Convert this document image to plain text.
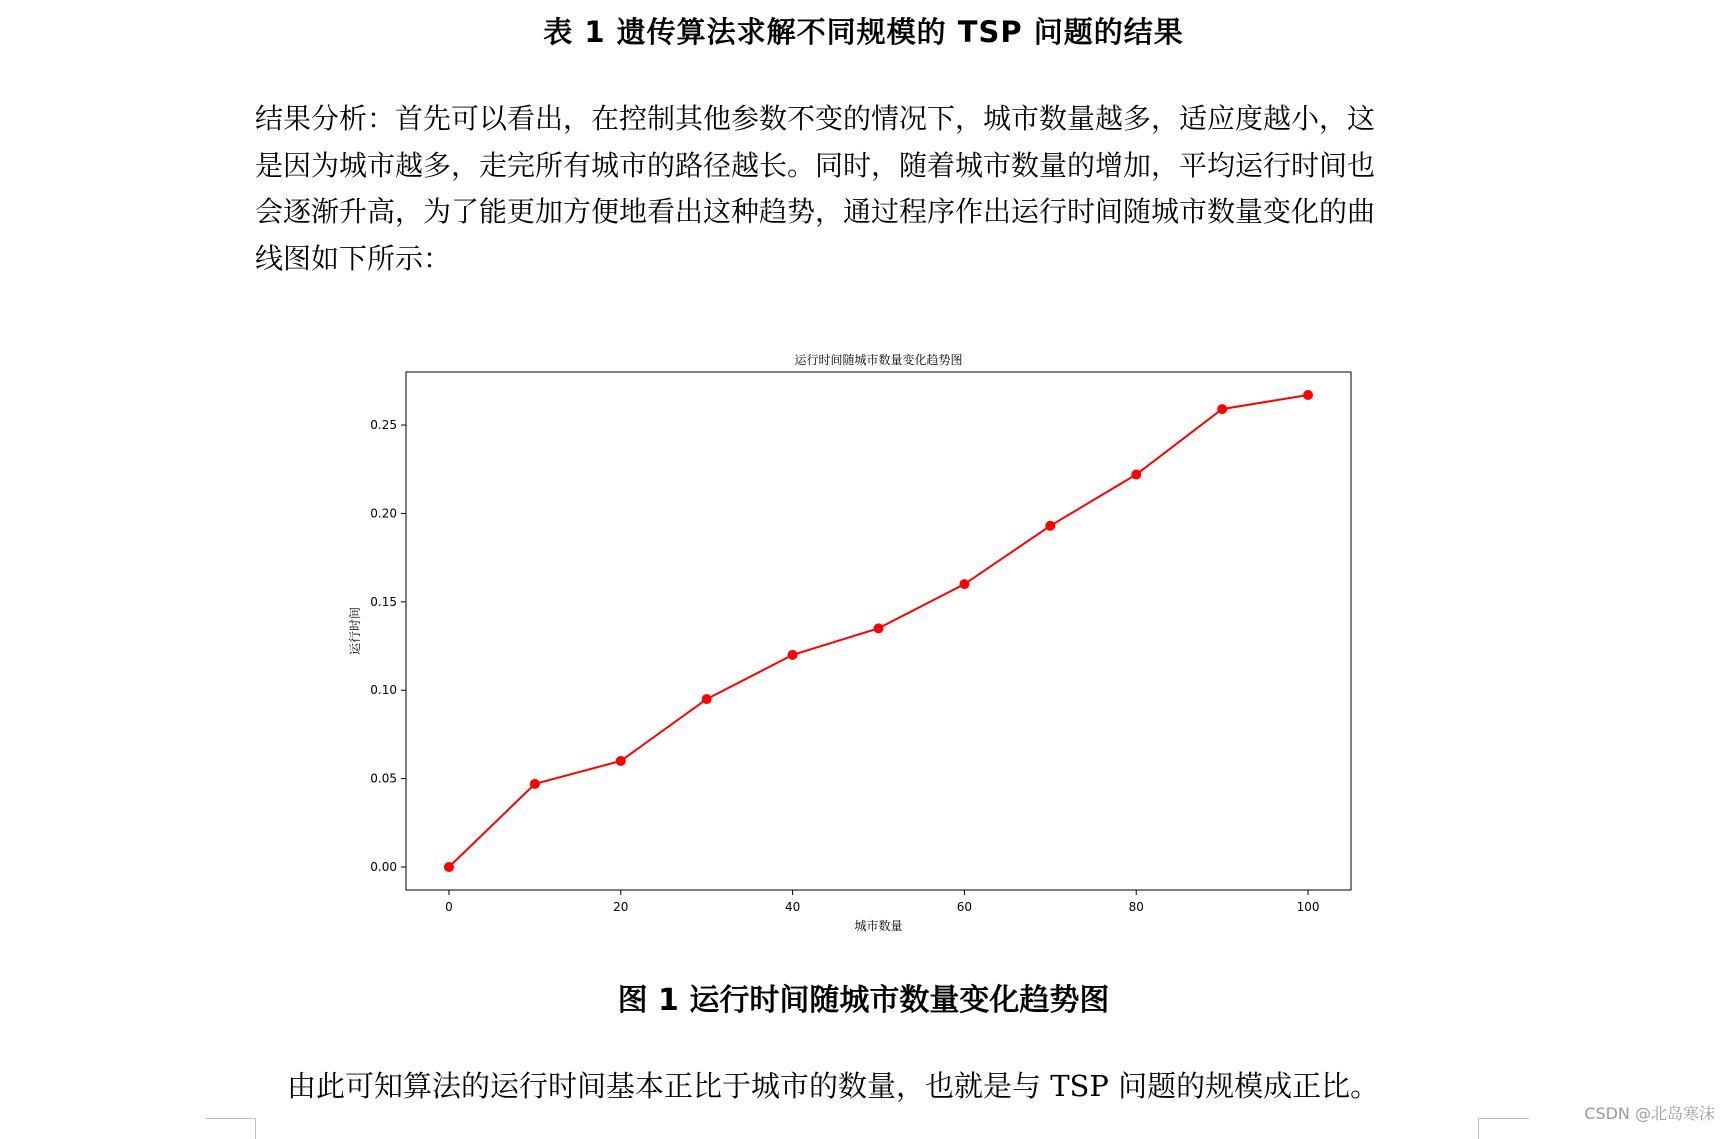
表 1 遗传算法求解不同规模的 TSP 问题的结果
结果分析：首先可以看出，在控制其他参数不变的情况下，城市数量越多，适应度越小，这
是因为城市越多，走完所有城市的路径越长。同时，随着城市数量的增加，平均运行时间也
会逐渐升高，为了能更加方便地看出这种趋势，通过程序作出运行时间随城市数量变化的曲
线图如下所示：
运行时间随城市数量变化趋势图
0	20	40	60	80	100
0.00
0.05
0.10
0.15
0.20
0.25
城市数量
运行时间
图 1 运行时间随城市数量变化趋势图
由此可知算法的运行时间基本正比于城市的数量，也就是与 TSP 问题的规模成正比。
CSDN @北岛寒沫
